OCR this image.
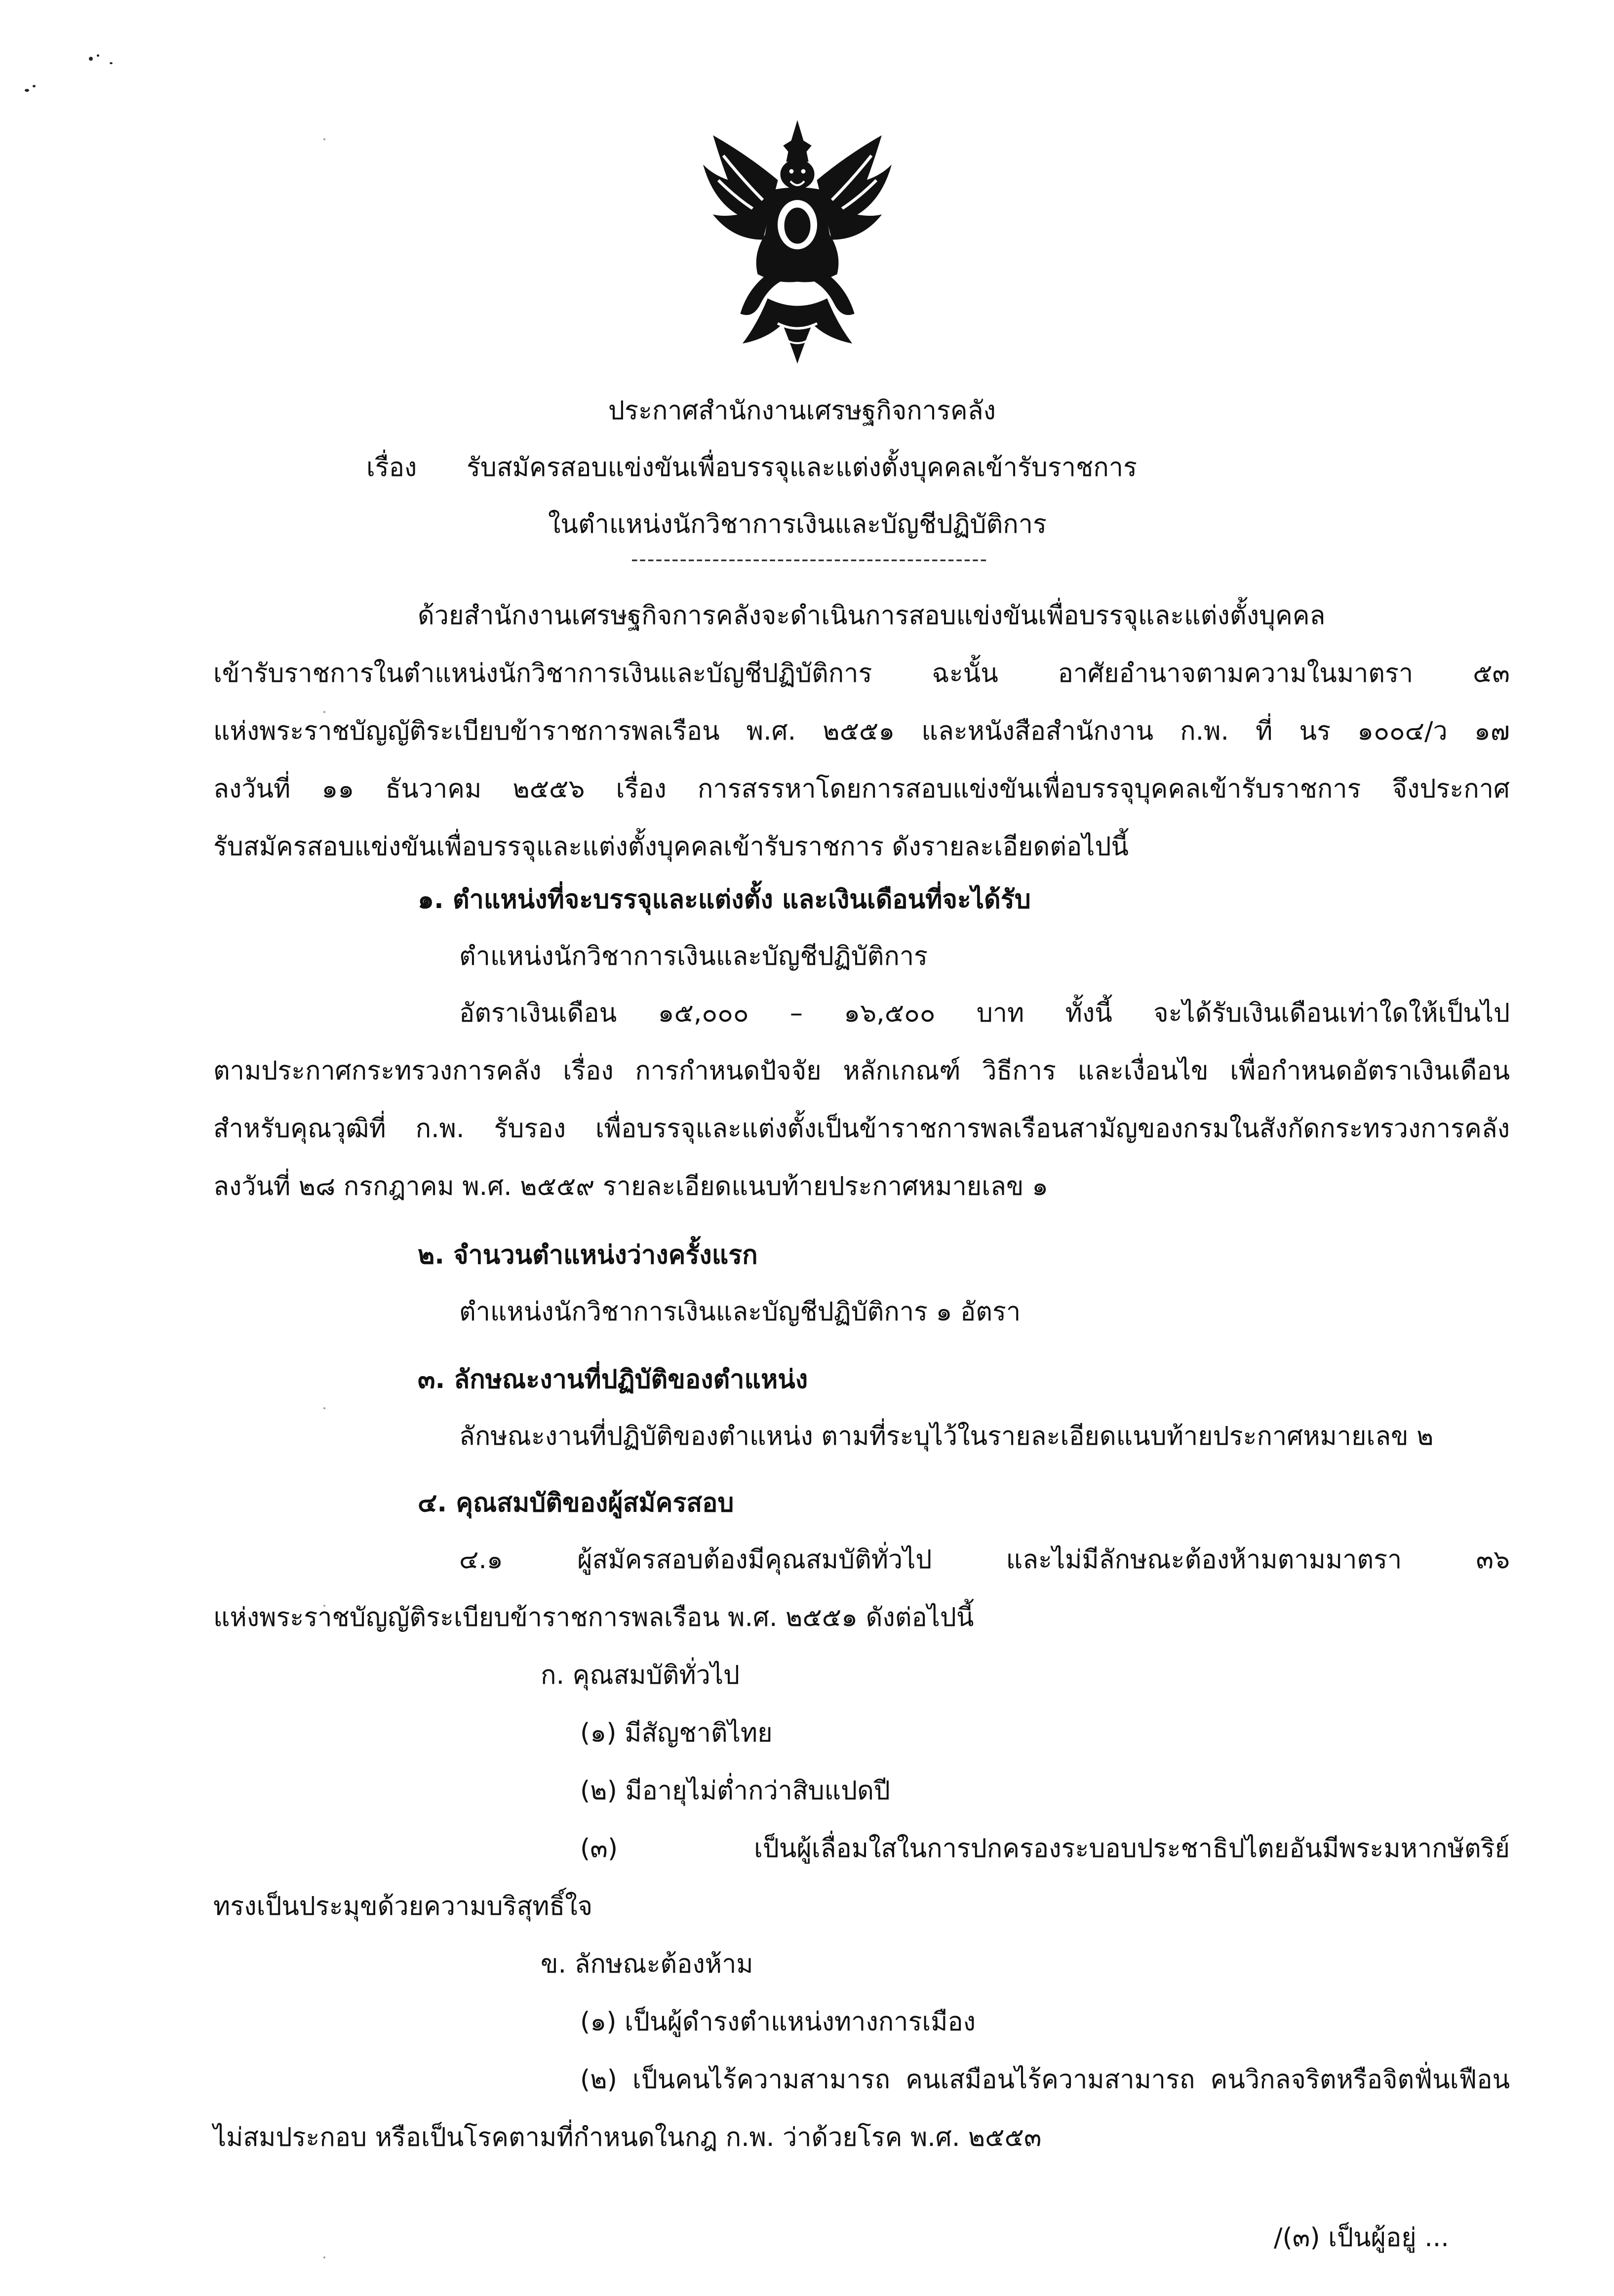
ประกาศสำนักงานเศรษฐกิจการคลัง
เรื่อง รับสมัครสอบแข่งขันเพื่อบรรจุและแต่งตั้งบุคคลเข้ารับราชการ
ในตำแหน่งนักวิชาการเงินและบัญชีปฏิบัติการ
--------------------------------------------
ด้วยสำนักงานเศรษฐกิจการคลังจะดำเนินการสอบแข่งขันเพื่อบรรจุและแต่งตั้งบุคคล
เข้ารับราชการในตำแหน่งนักวิชาการเงินและบัญชีปฏิบัติการ ฉะนั้น อาศัยอำนาจตามความในมาตรา ๕๓
แห่งพระราชบัญญัติระเบียบข้าราชการพลเรือน พ.ศ. ๒๕๕๑ และหนังสือสำนักงาน ก.พ. ที่ นร ๑๐๐๔/ว ๑๗
ลงวันที่ ๑๑ ธันวาคม ๒๕๕๖ เรื่อง การสรรหาโดยการสอบแข่งขันเพื่อบรรจุบุคคลเข้ารับราชการ จึงประกาศ
รับสมัครสอบแข่งขันเพื่อบรรจุและแต่งตั้งบุคคลเข้ารับราชการ ดังรายละเอียดต่อไปนี้
๑. ตำแหน่งที่จะบรรจุและแต่งตั้ง และเงินเดือนที่จะได้รับ
ตำแหน่งนักวิชาการเงินและบัญชีปฏิบัติการ
อัตราเงินเดือน ๑๕,๐๐๐ – ๑๖,๕๐๐ บาท ทั้งนี้ จะได้รับเงินเดือนเท่าใดให้เป็นไป
ตามประกาศกระทรวงการคลัง เรื่อง การกำหนดปัจจัย หลักเกณฑ์ วิธีการ และเงื่อนไข เพื่อกำหนดอัตราเงินเดือน
สำหรับคุณวุฒิที่ ก.พ. รับรอง เพื่อบรรจุและแต่งตั้งเป็นข้าราชการพลเรือนสามัญของกรมในสังกัดกระทรวงการคลัง
ลงวันที่ ๒๘ กรกฎาคม พ.ศ. ๒๕๕๙ รายละเอียดแนบท้ายประกาศหมายเลข ๑
๒. จำนวนตำแหน่งว่างครั้งแรก
ตำแหน่งนักวิชาการเงินและบัญชีปฏิบัติการ ๑ อัตรา
๓. ลักษณะงานที่ปฏิบัติของตำแหน่ง
ลักษณะงานที่ปฏิบัติของตำแหน่ง ตามที่ระบุไว้ในรายละเอียดแนบท้ายประกาศหมายเลข ๒
๔. คุณสมบัติของผู้สมัครสอบ
๔.๑ ผู้สมัครสอบต้องมีคุณสมบัติทั่วไป และไม่มีลักษณะต้องห้ามตามมาตรา ๓๖
แห่งพระราชบัญญัติระเบียบข้าราชการพลเรือน พ.ศ. ๒๕๕๑ ดังต่อไปนี้
ก. คุณสมบัติทั่วไป
(๑) มีสัญชาติไทย
(๒) มีอายุไม่ต่ำกว่าสิบแปดปี
(๓) เป็นผู้เลื่อมใสในการปกครองระบอบประชาธิปไตยอันมีพระมหากษัตริย์
ทรงเป็นประมุขด้วยความบริสุทธิ์ใจ
ข. ลักษณะต้องห้าม
(๑) เป็นผู้ดำรงตำแหน่งทางการเมือง
(๒) เป็นคนไร้ความสามารถ คนเสมือนไร้ความสามารถ คนวิกลจริตหรือจิตฟั่นเฟือน
ไม่สมประกอบ หรือเป็นโรคตามที่กำหนดในกฎ ก.พ. ว่าด้วยโรค พ.ศ. ๒๕๕๓
/(๓) เป็นผู้อยู่ ...
